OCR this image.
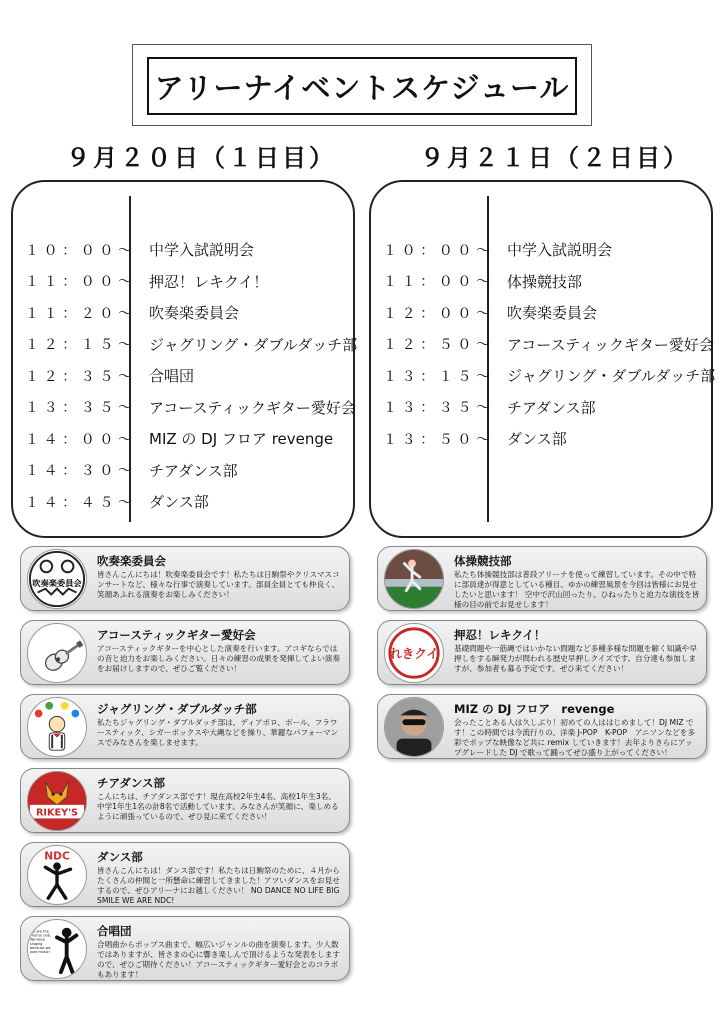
アリーナイベントスケジュール
９月２０日（１日目）	９月２１日（２日目）
１０：００～ 中学入試説明会
１１：００～ 押忍！レキクイ！
１１：２０～ 吹奏楽委員会
１２：１５～ ジャグリング・ダブルダッチ部
１２：３５～ 合唱団
１３：３５～ アコースティックギター愛好会
１４：００～ MIZ の DJ フロア revenge
１４：３０～ チアダンス部
１４：４５～ ダンス部
１０：００～ 中学入試説明会
１１：００～ 体操競技部
１２：００～ 吹奏楽委員会
１２：５０～ アコースティックギター愛好会
１３：１５～ ジャグリング・ダブルダッチ部
１３：３５～ チアダンス部
１３：５０～ ダンス部
吹奏楽委員会
吹奏楽委員会
皆さんこんにちは！吹奏楽委員会です！私たちは日駒祭やクリスマスコンサートなど、様々な行事で演奏しています。部員全員とても仲良く、笑顔あふれる演奏をお楽しみください！
アコースティックギター愛好会
アコースティックギターを中心とした演奏を行います。アコギならではの音と迫力をお楽しみください。日々の練習の成果を発揮してよい演奏をお届けしますので、ぜひご覧ください！
ジャグリング・ダブルダッチ部
私たちジャグリング・ダブルダッチ部は、ディアボロ、ボール、フラワースティック、シガーボックスや大縄などを操り、華麗なパフォーマンスでみなさんを楽しませます。
RIKEY'S
チアダンス部
こんにちは、チアダンス部です！現在高校2年生4名、高校1年生3名、中学1年生1名の計8名で活動しています。みなさんが笑顔に、楽しめるように頑張っているので、ぜひ見に来てください！
NDC ダンス部
皆さんこんにちは！ダンス部です！私たちは日駒祭のために、４月からたくさんの仲間と一所懸命に練習してきました！アツいダンスをお見せするので、ぜひアリーナにお越しください！ NO DANCE NO LIFE BIG SMILE WE ARE NDC!
We are the chorus club. We keep singing because we love music!
合唱団
合唱曲からポップス曲まで、幅広いジャンルの曲を演奏します。少人数ではありますが、皆さまの心に響き楽しんで頂けるような発表をしますので、ぜひご期待ください！アコースティックギター愛好会とのコラボもあります！
体操競技部
私たち体操競技部は普段アリーナを使って練習しています。その中で特に部員達が得意としている種目、ゆかの練習風景を今回は皆様にお見せしたいと思います！ 空中で沢山回ったり、ひねったりと迫力な演技を皆様の目の前でお見せします！
れきクイ
押忍！レキクイ！
基礎問題や一筋縄ではいかない問題など多種多様な問題を解く知識や早押しをする瞬発力が問われる歴史早押しクイズです。自分達も参加しますが、参加者も募る予定です。ぜひ来てください！
MIZ の DJ フロア　revenge
会ったことある人は久しぶり！初めての人ははじめまして！DJ MIZ です！この時間では今流行りの、洋楽 J-POP　K-POP　アニソンなどを多彩でポップな映像など共に remix していきます！去年よりさらにアップグレードした DJ で歌って踊ってぜひ盛り上がってください！
